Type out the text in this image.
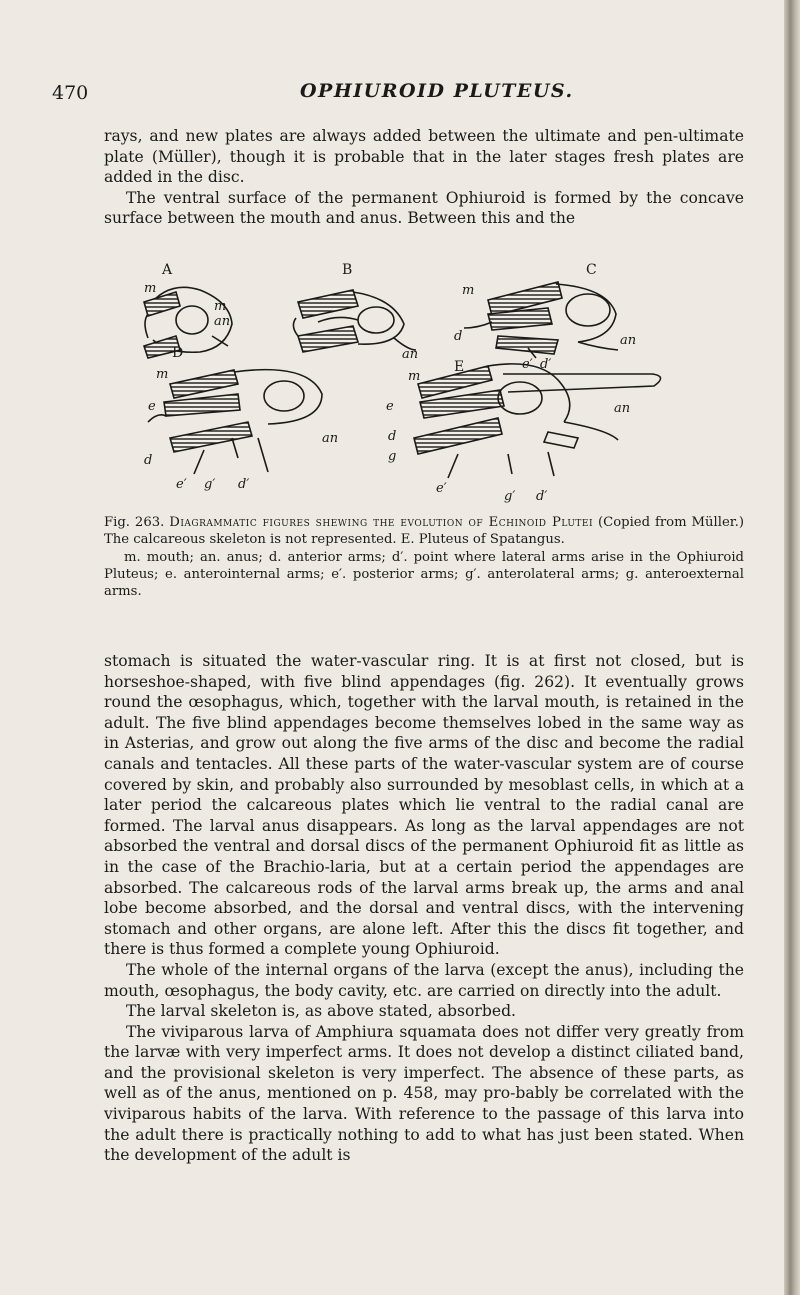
470	OPHIUROID PLUTEUS.

rays, and new plates are always added between the ultimate and pen-ultimate plate (Müller), though it is probable that in the later stages fresh plates are added in the disc.

The ventral surface of the permanent Ophiuroid is formed by the concave surface between the mouth and anus. Between this and the

A	B	C
D
E
m
m
an
an
m
d	an
e′ d′
m
e
an
d
e′ g′ d′
m
e
d
g
an
e′
g′ d′
Fig. 263. Diagrammatic figures shewing the evolution of Echinoid Plutei (Copied from Müller.) The calcareous skeleton is not represented. E. Pluteus of Spatangus.
m. mouth; an. anus; d. anterior arms; d′. point where lateral arms arise in the Ophiuroid Pluteus; e. anterointernal arms; e′. posterior arms; g′. anterolateral arms; g. anteroexternal arms.

stomach is situated the water-vascular ring. It is at first not closed, but is horseshoe-shaped, with five blind appendages (fig. 262). It eventually grows round the œsophagus, which, together with the larval mouth, is retained in the adult. The five blind appendages become themselves lobed in the same way as in Asterias, and grow out along the five arms of the disc and become the radial canals and tentacles. All these parts of the water-vascular system are of course covered by skin, and probably also surrounded by mesoblast cells, in which at a later period the calcareous plates which lie ventral to the radial canal are formed. The larval anus disappears. As long as the larval appendages are not absorbed the ventral and dorsal discs of the permanent Ophiuroid fit as little as in the case of the Brachio-laria, but at a certain period the appendages are absorbed. The calcareous rods of the larval arms break up, the arms and anal lobe become absorbed, and the dorsal and ventral discs, with the intervening stomach and other organs, are alone left. After this the discs fit together, and there is thus formed a complete young Ophiuroid.

The whole of the internal organs of the larva (except the anus), including the mouth, œsophagus, the body cavity, etc. are carried on directly into the adult.

The larval skeleton is, as above stated, absorbed.

The viviparous larva of Amphiura squamata does not differ very greatly from the larvæ with very imperfect arms. It does not develop a distinct ciliated band, and the provisional skeleton is very imperfect. The absence of these parts, as well as of the anus, mentioned on p. 458, may pro-bably be correlated with the viviparous habits of the larva. With reference to the passage of this larva into the adult there is practically nothing to add to what has just been stated. When the development of the adult is
